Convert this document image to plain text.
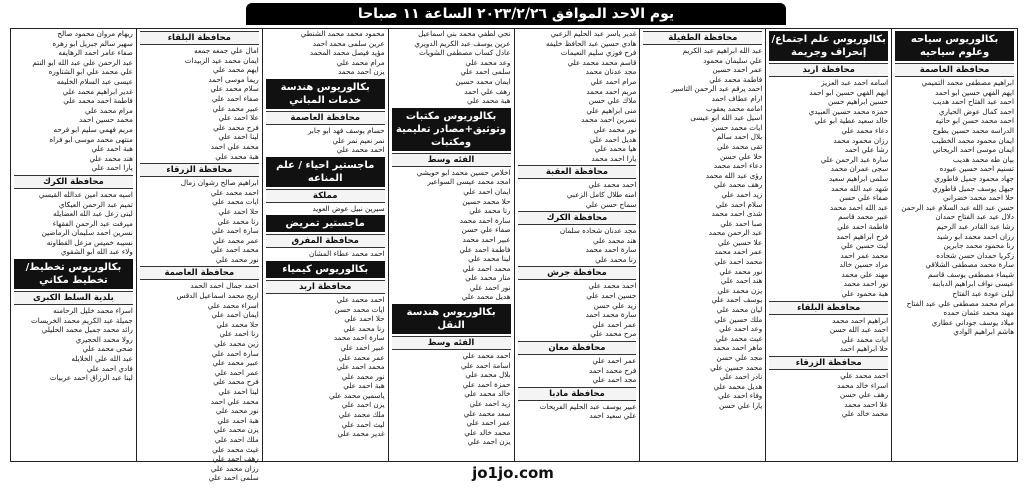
يوم الاحد الموافق ٢٠٢٣/٢/٢٦ الساعة ١١ صباحا
بكالوريوس سياحه وعلوم سياحيه
محافظة العاصمة
ابراهيم مصطفى محمد التميمي
ايهم الفهي حسين ابو احمد
احمد عبد الفتاح احمد هديب
احمد كمال عوض الحياري
احمد محمد حسن ابو حاتيه
الدراسه محمد حسين بطوح
ايمان محمود محمد الخطيب
ايمان موسى احمد الريحاني
بيان طه محمد هديب
تسنيم احمد حسين عيوده
جهاد محمود جميل قاطوري
جيهل يوسف جميل قاطوري
حلا احمد محمد خضراني
حسن عبد الله عبد السلام عبد الرحمن
دلال عيد عبد الفتاح حمدان
رشا عبد القادر عبد الرحيم
رزان احمد محمد ابو رشيد
رنا محمود محمد جابرين
زكريا حمدان حسن شحاده
سارة محمد مصطفى الشلاقي
شيماء مصطفى يوسف قاسم
عيسى نواف ابراهيم الدبابنه
ليلى عودة عبد الفتاح
مرام محمد مصطفى علي عبد الفتاح
مهند محمد عثمان حمده
ميلاد يوسف جوداني عطاري
هاشم ابراهيم الوادي
بكالوريوس علم اجتماع/ إنحراف وجريمة
محافظة اربد
اسامه احمد عبد العزيز
ايهم الفهي حسين ابو احمد
حسين ابراهيم حسن
حمزه محمد حسين العبيدي
خالد سعيد عطية ابو علي
دعاء محمد علي
رزان محمود محمد
رشا علي احمد
سارة عبد الرحمن علي
سجى عمران محمد
سلمى ابراهيم سعيد
شهد عبد الله محمد
صفاء علي حسن
عبد الله احمد محمد
عبير محمد قاسم
فاطمة احمد علي
فرح ابراهيم احمد
ليث حسين علي
محمد عمر احمد
مراد حسين خالد
مهند علي محمد
نور احمد محمد
هبة محمود علي
محافظة البلقاء
ابراهيم احمد محمد
احمد عبد الله حسن
ايات محمد علي
حلا ابراهيم احمد
محافظة الزرقاء
احمد محمد علي
اسراء خالد محمد
رهف علي حسن
علا احمد محمد
محمد خالد علي
محافظة الطفيلة
عبد الله ابراهيم عبد الكريم
علي سليمان محمود
عمر احمد حسين
فاطمة محمد علي
احمد يرقم عبد الرحمن التاسير
ارام عطاف احمد
امامه محمد يعقوب
اسيل عبد الله ابو عيسى
ايات محمد حسن
بلال احمد سالم
تقى محمد علي
حلا علي حسن
دعاء احمد محمد
رؤى عبد الله محمد
رهف محمد علي
زيد احمد علي
سلام احمد علي
شذى احمد محمد
صبا احمد علي
عبد الرحمن محمد
علا حسين علي
عمر احمد محمد
محمد احمد علي
نور محمد علي
هند احمد علي
يزن محمد علي
يوسف احمد علي
ليان محمد علي
ملك حسين علي
وعد احمد علي
غيث محمد علي
ماهر احمد محمد
مجد علي حسن
محمد حسين علي
نادر احمد علي
هديل محمد علي
وفاء احمد علي
يارا علي حسن
غدير ياسر عبد الحليم الزعبي
هادي حسين عبد الحافظ خليفه
فرح فوزي سليم النعيمات
قاسم محمد محمد علي
مجد عدنان محمد
مرام احمد علي
مريم احمد محمد
ملاك علي حسن
منى ابراهيم علي
نسرين احمد محمد
نور محمد علي
هديل احمد علي
هيا محمد علي
يارا احمد محمد
محافظة العقبة
احمد محمد علي
امنه طلال كامل الزعبي
سماح حسن علي
محافظة الكرك
مجد عدنان شحاده سلمان
هند محمد علي
سارة احمد محمد
رنا محمد علي
محافظة جرش
احمد محمد علي
حسين احمد علي
زيد علي حسن
سارة محمد احمد
عمر احمد علي
مرح محمد علي
محافظة معان
عمر احمد علي
فرح محمد احمد
مجد احمد علي
محافظة مادبا
عبير يوسف عبد الحليم الفريحات
علي سعيد احمد
نجي لطفي محمد بني اسماعيل
عرين يوسف عبد الكريم الدويري
عادل كساب مصطفى الشويات
وعد محمد علي
سلمى احمد علي
ايمان محمد حسين
رهف علي احمد
هبة محمد علي
بكالوريوس مكتبات وتوثيق+مصادر تعليمية ومكتبات
الفئه وسط
اخلاص حسين محمد ابو حويشي
امجد محمد عيسى السواعير
ايمان احمد علي
حلا محمد حسين
رنا محمد علي
سارة احمد محمد
صفاء علي حسن
عبير احمد محمد
فاطمة احمد علي
لينا محمد علي
محمد احمد علي
منار محمد علي
نور احمد علي
هديل محمد علي
بكالوريوس هندسة النقل
الفئه وسط
احمد محمد علي
اسامة احمد علي
بلال محمد علي
حمزة احمد علي
خالد محمد علي
زيد احمد علي
سعد محمد علي
عمر احمد علي
محمد خالد علي
يزن احمد علي
محمود محمد محمد الشنطي
عرين سلمى محمد احمد
مؤيد فيصل محمد المحمد
مرام محمد علي
يزن احمد محمد
بكالوريوس هندسة خدمات المباني
محافظة العاصمة
حسام يوسف فهد ابو جابر
نمر نعيم نمر علي
احمد محمد علي
ماجستير احياء / علم المناعه
مملكة
سيرين نبيل عوض العويد
ماجستير تمريض
محافظة المفرق
احمد محمد عطاء المشان
بكالوريوس كيمياء
محافظة اربد
احمد محمد علي
ايات محمد حسن
حلا احمد علي
رنا محمد علي
سارة احمد محمد
عبير احمد علي
عمر محمد علي
محمد احمد علي
نور محمد علي
هبة احمد علي
ياسمين محمد علي
يزن احمد علي
ملك محمد علي
ليث احمد علي
غدير محمد علي
محافظة البلقاء
امال علي جمعه جمعه
ايمان محمد عيد الزبيدات
ايهم محمد علي
ريما موسى احمد
سلام محمد علي
صفاء احمد علي
عبير محمد علي
علا احمد علي
فرح محمد علي
لينا احمد علي
محمد علي احمد
هبة محمد علي
محافظة الزرقاء
ابراهيم صالح رشوان زمال
احمد محمد علي
ايات محمد علي
حلا احمد علي
رنا محمد علي
سارة احمد علي
عمر محمد علي
محمد احمد علي
نور محمد علي
محافظة العاصمة
احمد جمال احمد الحمد
اريج محمد اسماعيل الدقس
اسراء محمد علي
ايمان احمد علي
حلا محمد علي
رنا احمد علي
زين محمد علي
سارة احمد علي
عبير محمد علي
عمر احمد علي
فرح محمد علي
لينا احمد علي
محمد علي احمد
نور محمد علي
هبة احمد علي
يزن محمد علي
ملك احمد علي
غيث محمد علي
رهف احمد علي
رزان محمد علي
سلمى احمد علي
ريهام مروان محمود صالح
سهير سالم جبريل ابو زهره
صفاء عامر احمد الرهايفه
عبد الرحمن علي عبد الله ابو النتم
علي محمد علي ابو الشتاوره
عيسى عبد السلام الخليفه
غدير ابراهيم محمد علي
فاطمة احمد محمد علي
مرام محمد علي
محمد حسين احمد
مريم فهمي سليم ابو فرحه
منتهى محمد موسى ابو فراه
هبة احمد علي
هند محمد علي
يارا احمد علي
محافظة الكرك
اسيه محمد امين عدالله القيسي
تميم عبد الرحمن العيكاي
لبنى زعل عبد الله العضايله
ميرفت عبد الرحمن الفقهاء
نسرين احمد سليمان الرماضين
نسيبه خميس مزعل القطاونه
ولاء عبد الله ابو الشقوي
بكالوريوس تخطيط/تخطيط مكاني
بلدية السلط الكبرى
اسراء محمد خليل الرحامنه
جميلة عبد الكريم محمد الخريسات
رائد محمد جميل محمد الحليلي
رولا محمد الحجيري
ضحى محمد علي
عبد الله علي الخلايله
فادي احمد علي
لينا عبد الرزاق احمد عربيات
jo1jo.com
